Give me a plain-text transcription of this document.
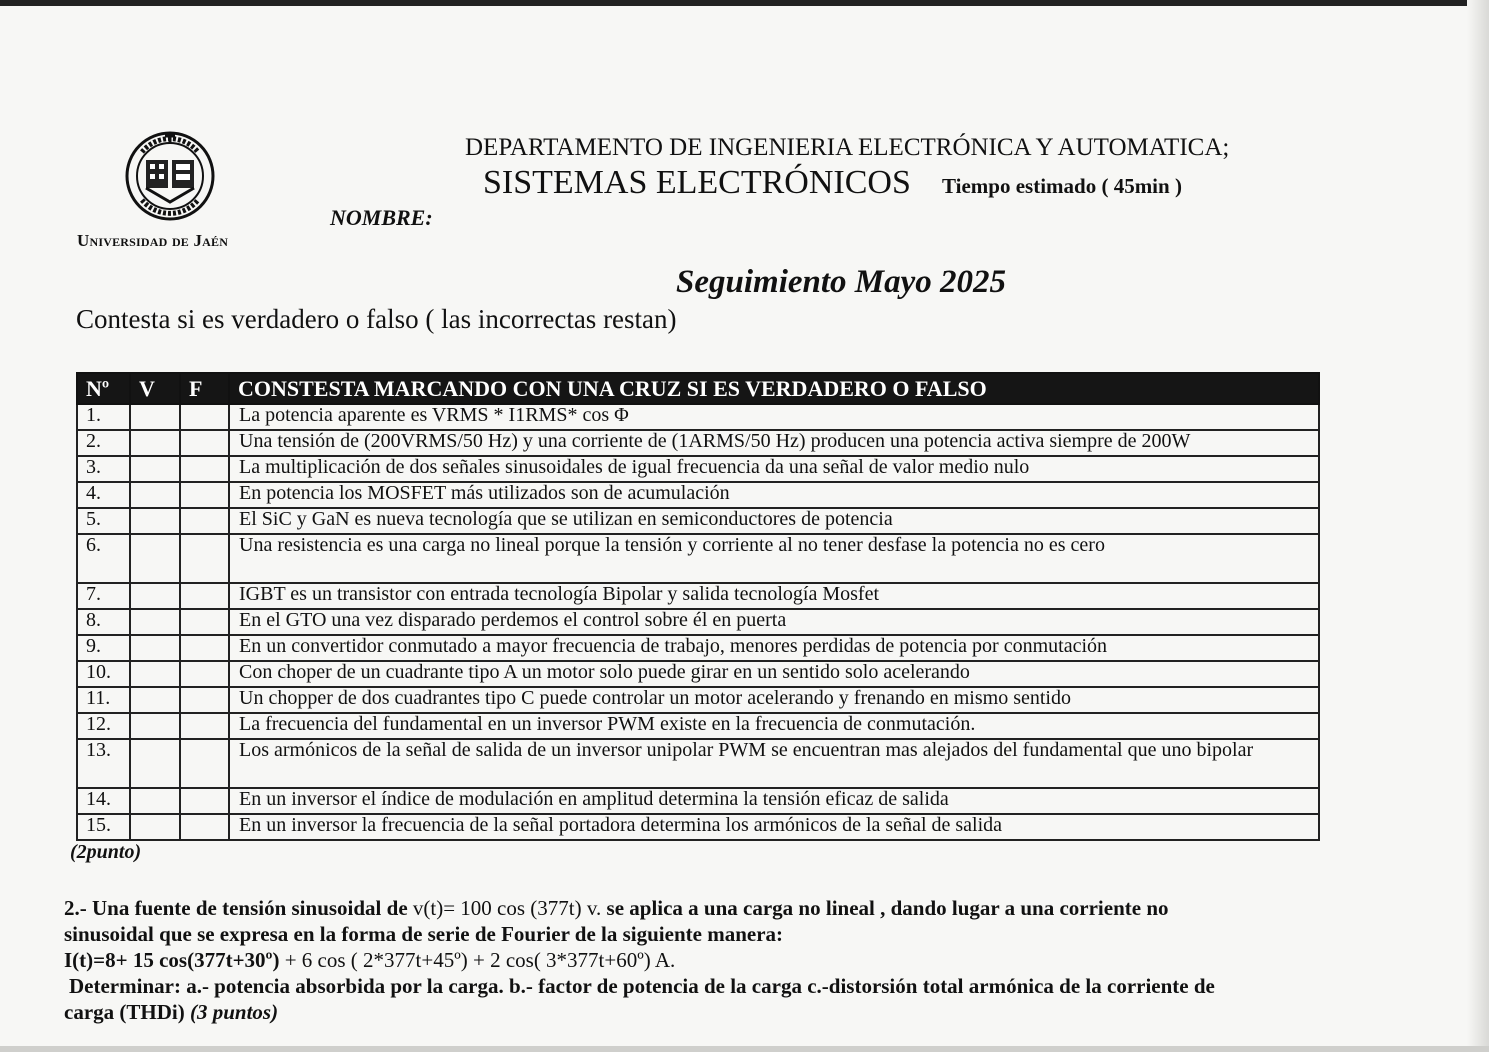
Universidad de Jaén
DEPARTAMENTO DE INGENIERIA ELECTRÓNICA Y AUTOMATICA;
SISTEMAS ELECTRÓNICOS Tiempo estimado ( 45min )
NOMBRE:
Seguimiento Mayo 2025
Contesta si es verdadero o falso ( las incorrectas restan)
Nº	V	F	CONSTESTA MARCANDO CON UNA CRUZ SI ES VERDADERO O FALSO
1.			La potencia aparente es VRMS * I1RMS* cos Φ
2.			Una tensión de (200VRMS/50 Hz) y una corriente de (1ARMS/50 Hz) producen una potencia activa siempre de 200W
3.			La multiplicación de dos señales sinusoidales de igual frecuencia da una señal de valor medio nulo
4.			En potencia los MOSFET más utilizados son de acumulación
5.			El SiC y GaN es nueva tecnología que se utilizan en semiconductores de potencia
6.			Una resistencia es una carga no lineal porque la tensión y corriente al no tener desfase la potencia no es cero
7.			IGBT es un transistor con entrada tecnología Bipolar y salida tecnología Mosfet
8.			En el GTO una vez disparado perdemos el control sobre él en puerta
9.			En un convertidor conmutado a mayor frecuencia de trabajo, menores perdidas de potencia por conmutación
10.			Con choper de un cuadrante tipo A un motor solo puede girar en un sentido solo acelerando
11.			Un chopper de dos cuadrantes tipo C puede controlar un motor acelerando y frenando en mismo sentido
12.			La frecuencia del fundamental en un inversor PWM existe en la frecuencia de conmutación.
13.			Los armónicos de la señal de salida de un inversor unipolar PWM se encuentran mas alejados del fundamental que uno bipolar
14.			En un inversor el índice de modulación en amplitud determina la tensión eficaz de salida
15.			En un inversor la frecuencia de la señal portadora determina los armónicos de la señal de salida
(2punto)
2.- Una fuente de tensión sinusoidal de v(t)= 100 cos (377t) v. se aplica a una carga no lineal , dando lugar a una corriente no
sinusoidal que se expresa en la forma de serie de Fourier de la siguiente manera:
I(t)=8+ 15 cos(377t+30º) + 6 cos ( 2*377t+45º) + 2 cos( 3*377t+60º) A.
Determinar: a.- potencia absorbida por la carga. b.- factor de potencia de la carga c.-distorsión total armónica de la corriente de
carga (THDi) (3 puntos)
